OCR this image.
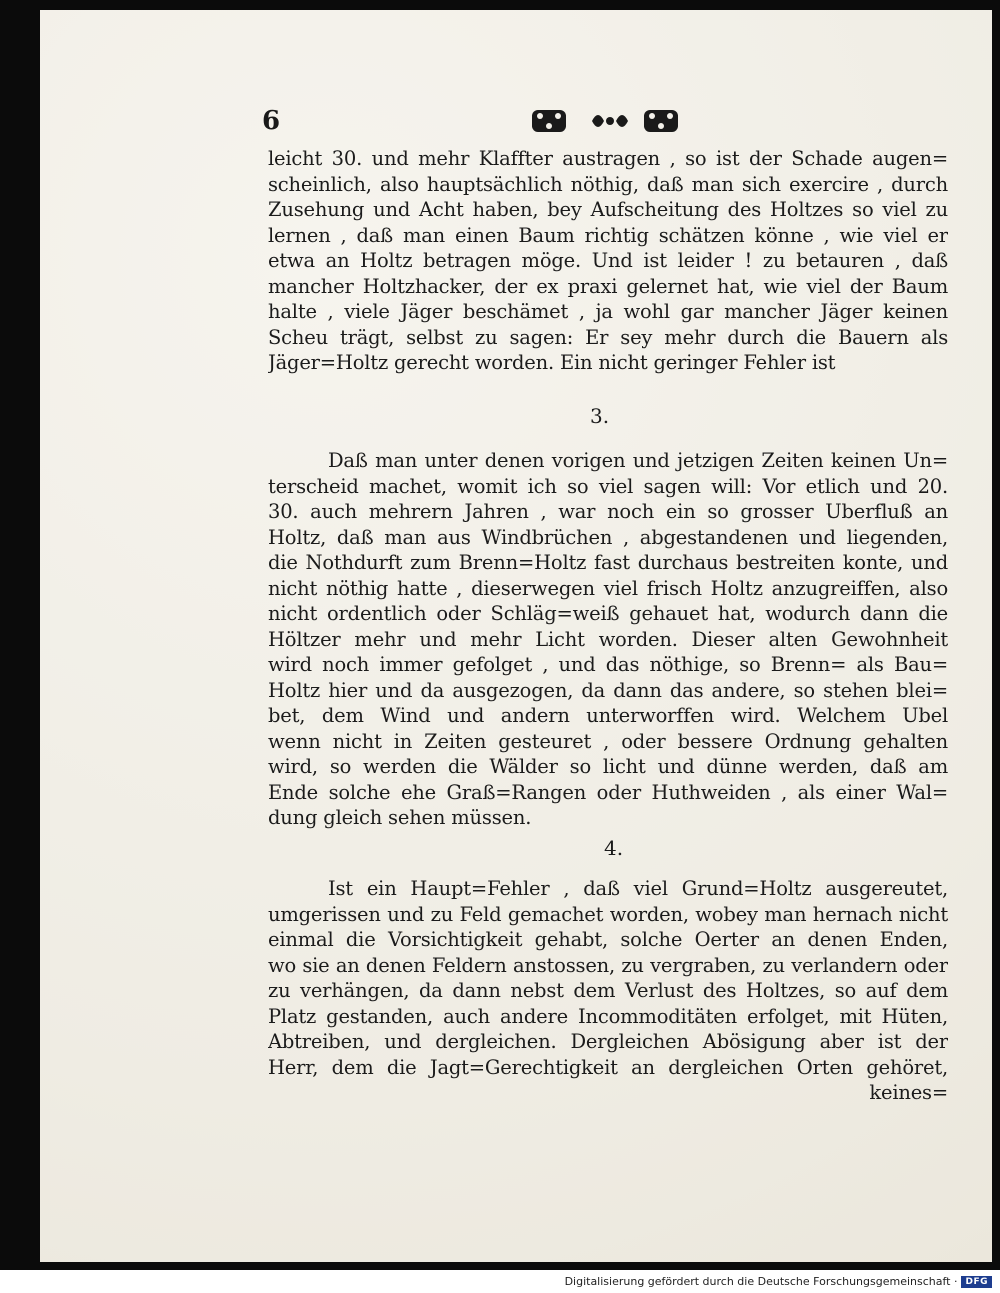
6
leicht 30. und mehr Klaffter austragen , so ist der Schade augen=
scheinlich, also hauptsächlich nöthig, daß man sich exercire , durch
Zusehung und Acht haben, bey Aufscheitung des Holtzes so viel zu
lernen , daß man einen Baum richtig schätzen könne , wie viel er
etwa an Holtz betragen möge. Und ist leider ! zu betauren , daß
mancher Holtzhacker, der ex praxi gelernet hat, wie viel der Baum
halte , viele Jäger beschämet , ja wohl gar mancher Jäger keinen
Scheu trägt, selbst zu sagen: Er sey mehr durch die Bauern als
Jäger=Holtz gerecht worden. Ein nicht geringer Fehler ist
3.
Daß man unter denen vorigen und jetzigen Zeiten keinen Un=
terscheid machet, womit ich so viel sagen will: Vor etlich und 20.
30. auch mehrern Jahren , war noch ein so grosser Uberfluß an
Holtz, daß man aus Windbrüchen , abgestandenen und liegenden,
die Nothdurft zum Brenn=Holtz fast durchaus bestreiten konte, und
nicht nöthig hatte , dieserwegen viel frisch Holtz anzugreiffen, also
nicht ordentlich oder Schläg=weiß gehauet hat, wodurch dann die
Höltzer mehr und mehr Licht worden. Dieser alten Gewohnheit
wird noch immer gefolget , und das nöthige, so Brenn= als Bau=
Holtz hier und da ausgezogen, da dann das andere, so stehen blei=
bet, dem Wind und andern unterworffen wird. Welchem Ubel
wenn nicht in Zeiten gesteuret , oder bessere Ordnung gehalten
wird, so werden die Wälder so licht und dünne werden, daß am
Ende solche ehe Graß=Rangen oder Huthweiden , als einer Wal=
dung gleich sehen müssen.
4.
Ist ein Haupt=Fehler , daß viel Grund=Holtz ausgereutet,
umgerissen und zu Feld gemachet worden, wobey man hernach nicht
einmal die Vorsichtigkeit gehabt, solche Oerter an denen Enden,
wo sie an denen Feldern anstossen, zu vergraben, zu verlandern oder
zu verhängen, da dann nebst dem Verlust des Holtzes, so auf dem
Platz gestanden, auch andere Incommoditäten erfolget, mit Hüten,
Abtreiben, und dergleichen. Dergleichen Abösigung aber ist der
Herr, dem die Jagt=Gerechtigkeit an dergleichen Orten gehöret,
keines=
Digitalisierung gefördert durch die Deutsche Forschungsgemeinschaft · DFG
